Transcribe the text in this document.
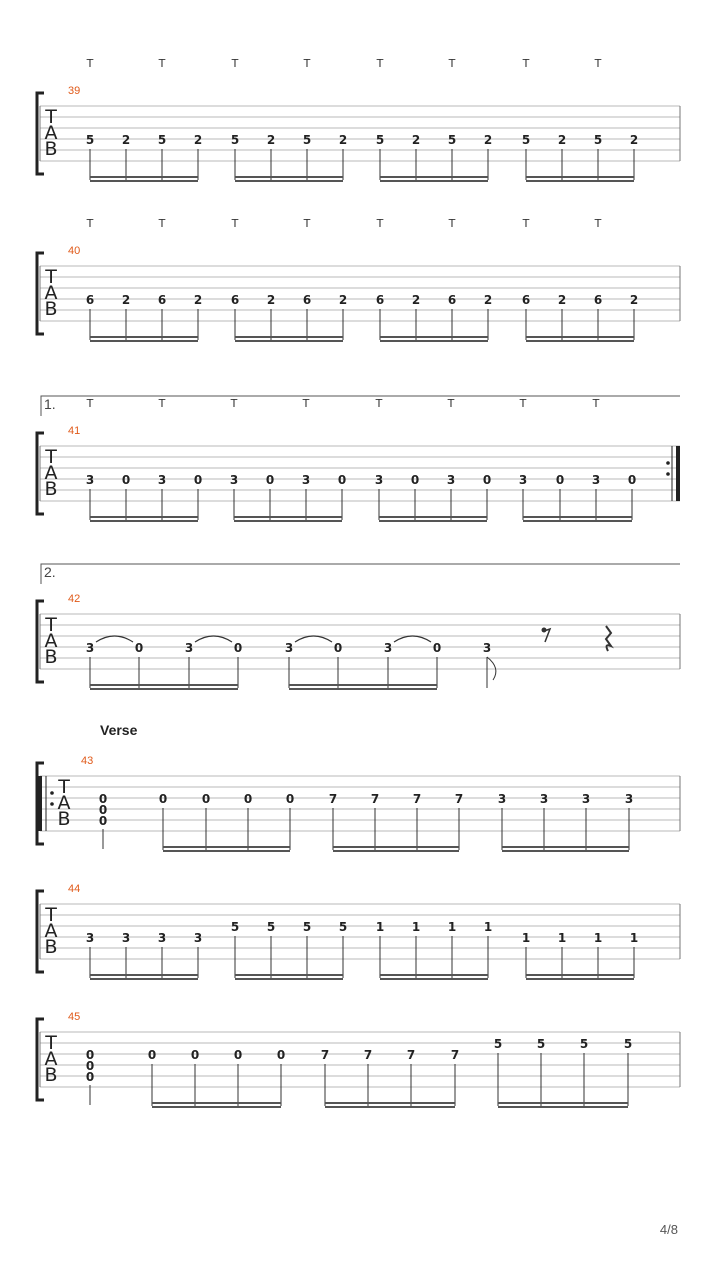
T
A
B
39
T	T	T	T	T	T	T	T
5 2 5 2 5 2 5 2 5 2 5 2 5 2 5 2
T
A
B
40
T	T	T	T	T	T	T	T
6 2 6 2 6 2 6 2 6 2 6 2 6 2 6 2
T
A
B
41
T	T	T	T	T	T	T	T
1.
3 0 3 0 3 0 3 0 3 0 3 0 3 0 3 0
T
A
B
42
2.
3	0	3	0	3	0	3	0	3
T
A
B
43
Verse
0
0
0
0	0	0	0	7	7	7	7	3	3	3	3
T
A
B
44
3 3 3 3
5 5 5 5 1 1 1 1
1 1 1 1
T
A
B
45
0
0
0
0	0	0	0	7	7	7	7
5	5	5	5
4/8
